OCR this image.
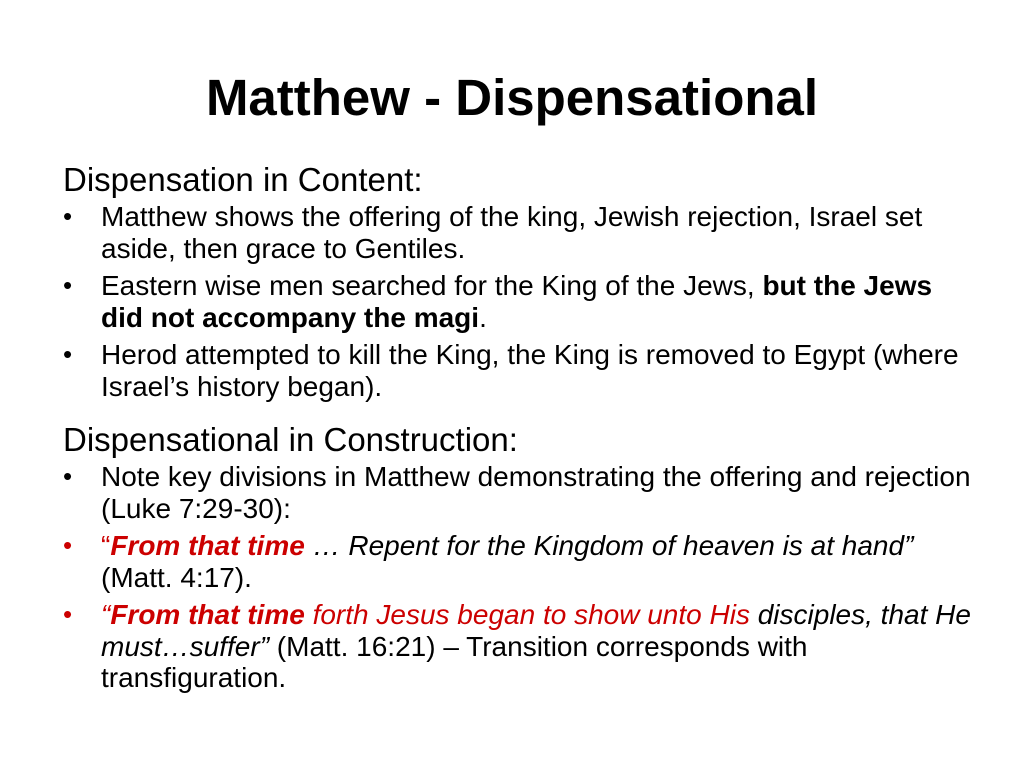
Matthew - Dispensational

Dispensation in Content:

•	Matthew shows the offering of the king, Jewish rejection, Israel set aside, then grace to Gentiles.
•	Eastern wise men searched for the King of the Jews, but the Jews did not accompany the magi.
•	Herod attempted to kill the King, the King is removed to Egypt (where Israel’s history began).

Dispensational in Construction:

•	Note key divisions in Matthew demonstrating the offering and rejection (Luke 7:29-30):
•	“From that time … Repent for the Kingdom of heaven is at hand” (Matt. 4:17).
•	“From that time forth Jesus began to show unto His disciples, that He must…suffer” (Matt. 16:21) – Transition corresponds with transfiguration.
